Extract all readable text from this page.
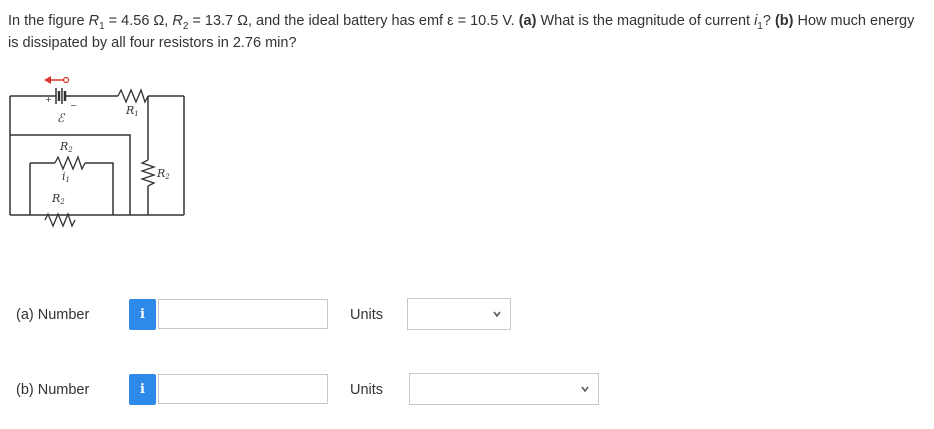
In the figure $R_1 = 4.56$ Ω, $R_2 = 13.7$ Ω, and the ideal battery has emf ε = 10.5 V. (a) What is the magnitude of current $i_1$? (b) How much energy is dissipated by all four resistors in 2.76 min?
+
−
ℰ
R1
R2
i1	R2
R2
(a) Number	i	Units
(b) Number	i	Units
